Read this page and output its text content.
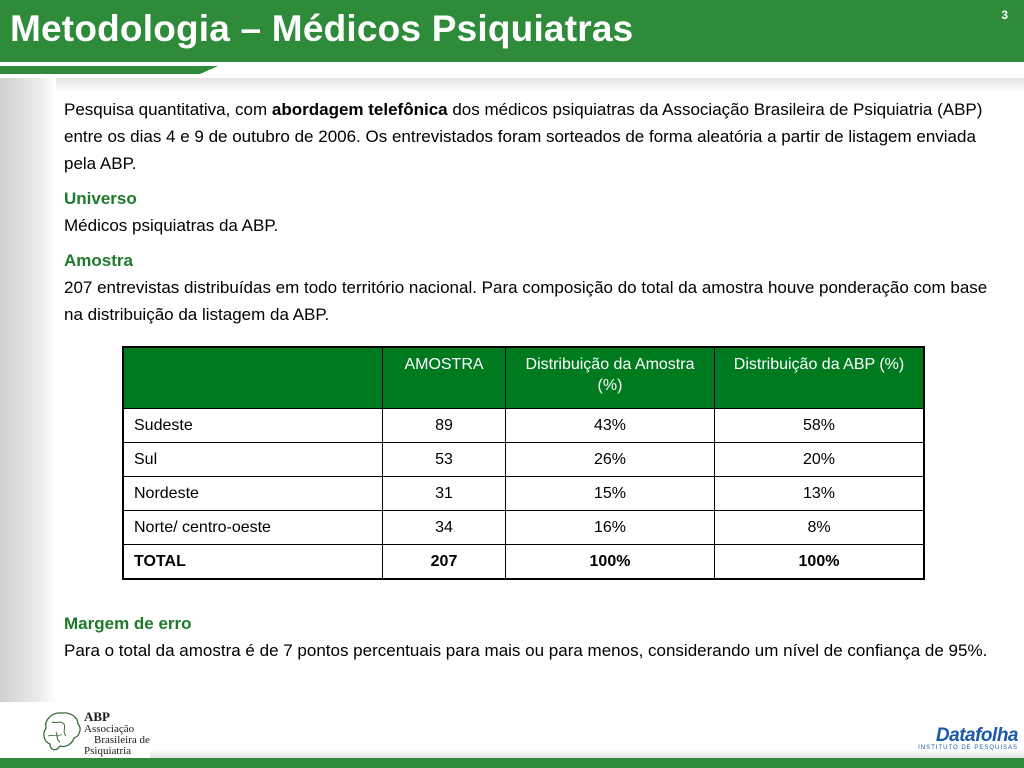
Metodologia – Médicos Psiquiatras	3

Pesquisa quantitativa, com abordagem telefônica dos médicos psiquiatras da Associação Brasileira de Psiquiatria (ABP) entre os dias 4 e 9 de outubro de 2006. Os entrevistados foram sorteados de forma aleatória a partir de listagem enviada pela ABP.

Universo

Médicos psiquiatras da ABP.

Amostra

207 entrevistas distribuídas em todo território nacional. Para composição do total da amostra houve ponderação com base na distribuição da listagem da ABP.

	AMOSTRA	Distribuição da Amostra (%)	Distribuição da ABP (%)
Sudeste	89	43%	58%
Sul	53	26%	20%
Nordeste	31	15%	13%
Norte/ centro-oeste	34	16%	8%
TOTAL	207	100%	100%

Margem de erro

Para o total da amostra é de 7 pontos percentuais para mais ou para menos, considerando um nível de confiança de 95%.

ABP
Associação
Brasileira de
Psiquiatria
Datafolha
INSTITUTO DE PESQUISAS
